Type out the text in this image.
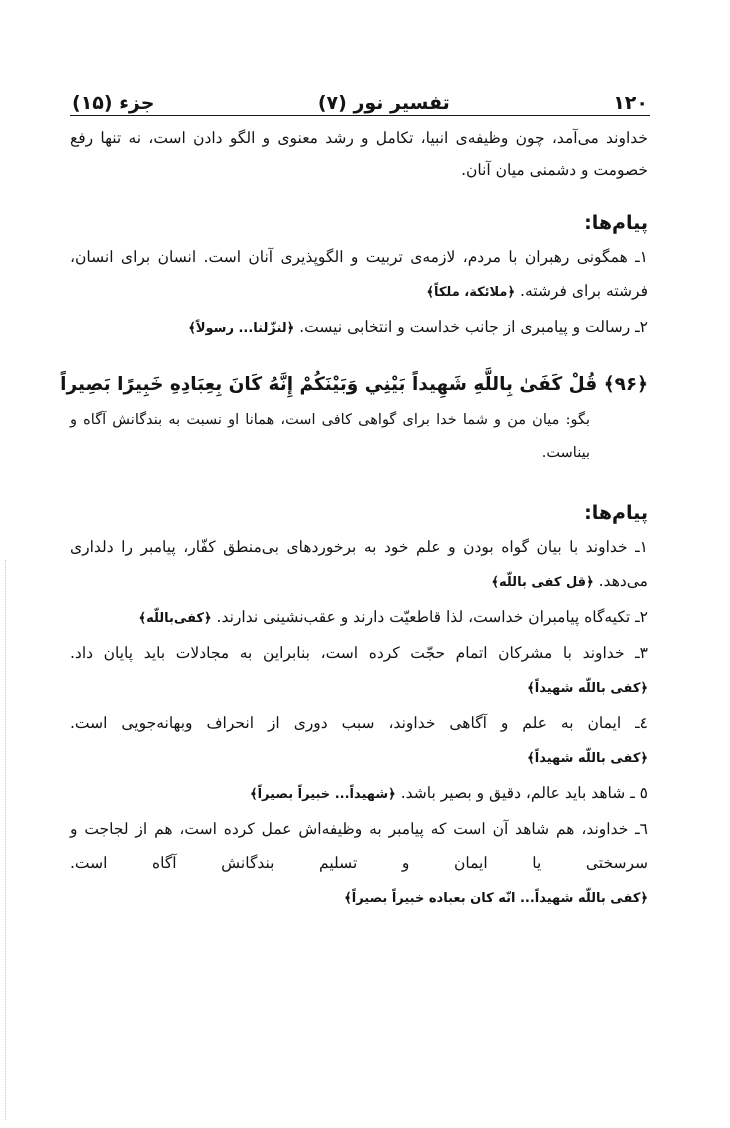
۱۲۰
تفسیر نور (۷)
جزء (۱۵)

خداوند می‌آمد، چون وظیفه‌ی انبیا، تکامل و رشد معنوی و الگو دادن است، نه تنها رفع خصومت و دشمنی میان آنان.

پیام‌ها:

۱ـ همگونی رهبران با مردم، لازمه‌ی تربیت و الگوپذیری آنان است. انسان برای انسان، فرشته برای فرشته. ﴿ملائکة، ملکاً﴾

۲ـ رسالت و پیامبری از جانب خداست و انتخابی نیست. ﴿لنزّلنا... رسولاً﴾

﴿۹۶﴾ قُلْ كَفَىٰ بِاللَّهِ شَهِيداً بَيْنِي وَبَيْنَكُمْ إِنَّهُ كَانَ بِعِبَادِهِ خَبِيرًا بَصِيراً

بگو: میان من و شما خدا برای گواهی کافی است، همانا او نسبت به بندگانش آگاه و بیناست.

پیام‌ها:

۱ـ خداوند با بیان گواه بودن و علم خود به برخوردهای بی‌منطق کفّار، پیامبر را دلداری می‌دهد. ﴿قل کفی باللّه﴾

۲ـ تکیه‌گاه پیامبران خداست، لذا قاطعیّت دارند و عقب‌نشینی ندارند. ﴿کفی‌باللّه﴾

۳ـ خداوند با مشرکان اتمام حجّت کرده است، بنابراین به مجادلات باید پایان داد. ﴿کفی باللّه شهیداً﴾

٤ـ ایمان به علم و آگاهی خداوند، سبب دوری از انحراف وبهانه‌جویی است. ﴿کفی باللّه شهیداً﴾

٥ ـ شاهد باید عالم، دقیق و بصیر باشد. ﴿شهیداً... خبیراً بصیراً﴾

٦ـ خداوند، هم شاهد آن است که پیامبر به وظیفه‌اش عمل کرده است، هم از لجاجت و سرسختی یا ایمان و تسلیم بندگانش آگاه است. ﴿کفی باللّه شهیداً... انّه کان بعباده خبیراً بصیراً﴾
